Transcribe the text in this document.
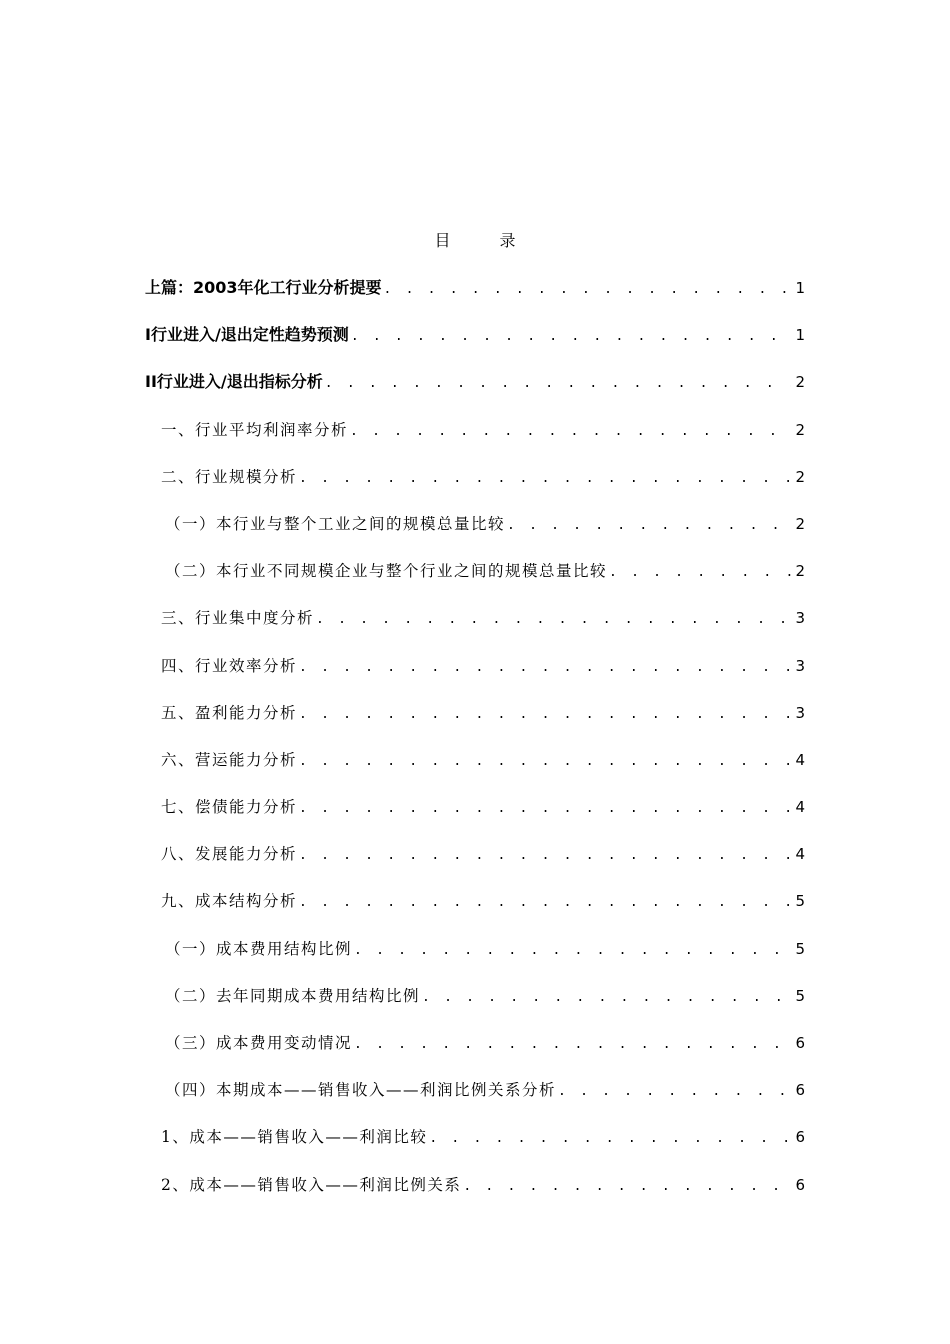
目 录
上篇：2003年化工行业分析提要 . . .	1
I行业进入/退出定性趋势预测 . . .	1
II行业进入/退出指标分析 . . .	2
一、行业平均利润率分析 . . .	2
二、行业规模分析 . . .	2
（一）本行业与整个工业之间的规模总量比较 . . .	2
（二）本行业不同规模企业与整个行业之间的规模总量比较 . . .	2
三、行业集中度分析 . . .	3
四、行业效率分析 . . .	3
五、盈利能力分析 . . .	3
六、营运能力分析 . . .	4
七、偿债能力分析 . . .	4
八、发展能力分析 . . .	4
九、成本结构分析 . . .	5
（一）成本费用结构比例 . . .	5
（二）去年同期成本费用结构比例 . . .	5
（三）成本费用变动情况 . . .	6
（四）本期成本——销售收入——利润比例关系分析 . . .	6
1、成本——销售收入——利润比较 . . .	6
2、成本——销售收入——利润比例关系 . . .	6
